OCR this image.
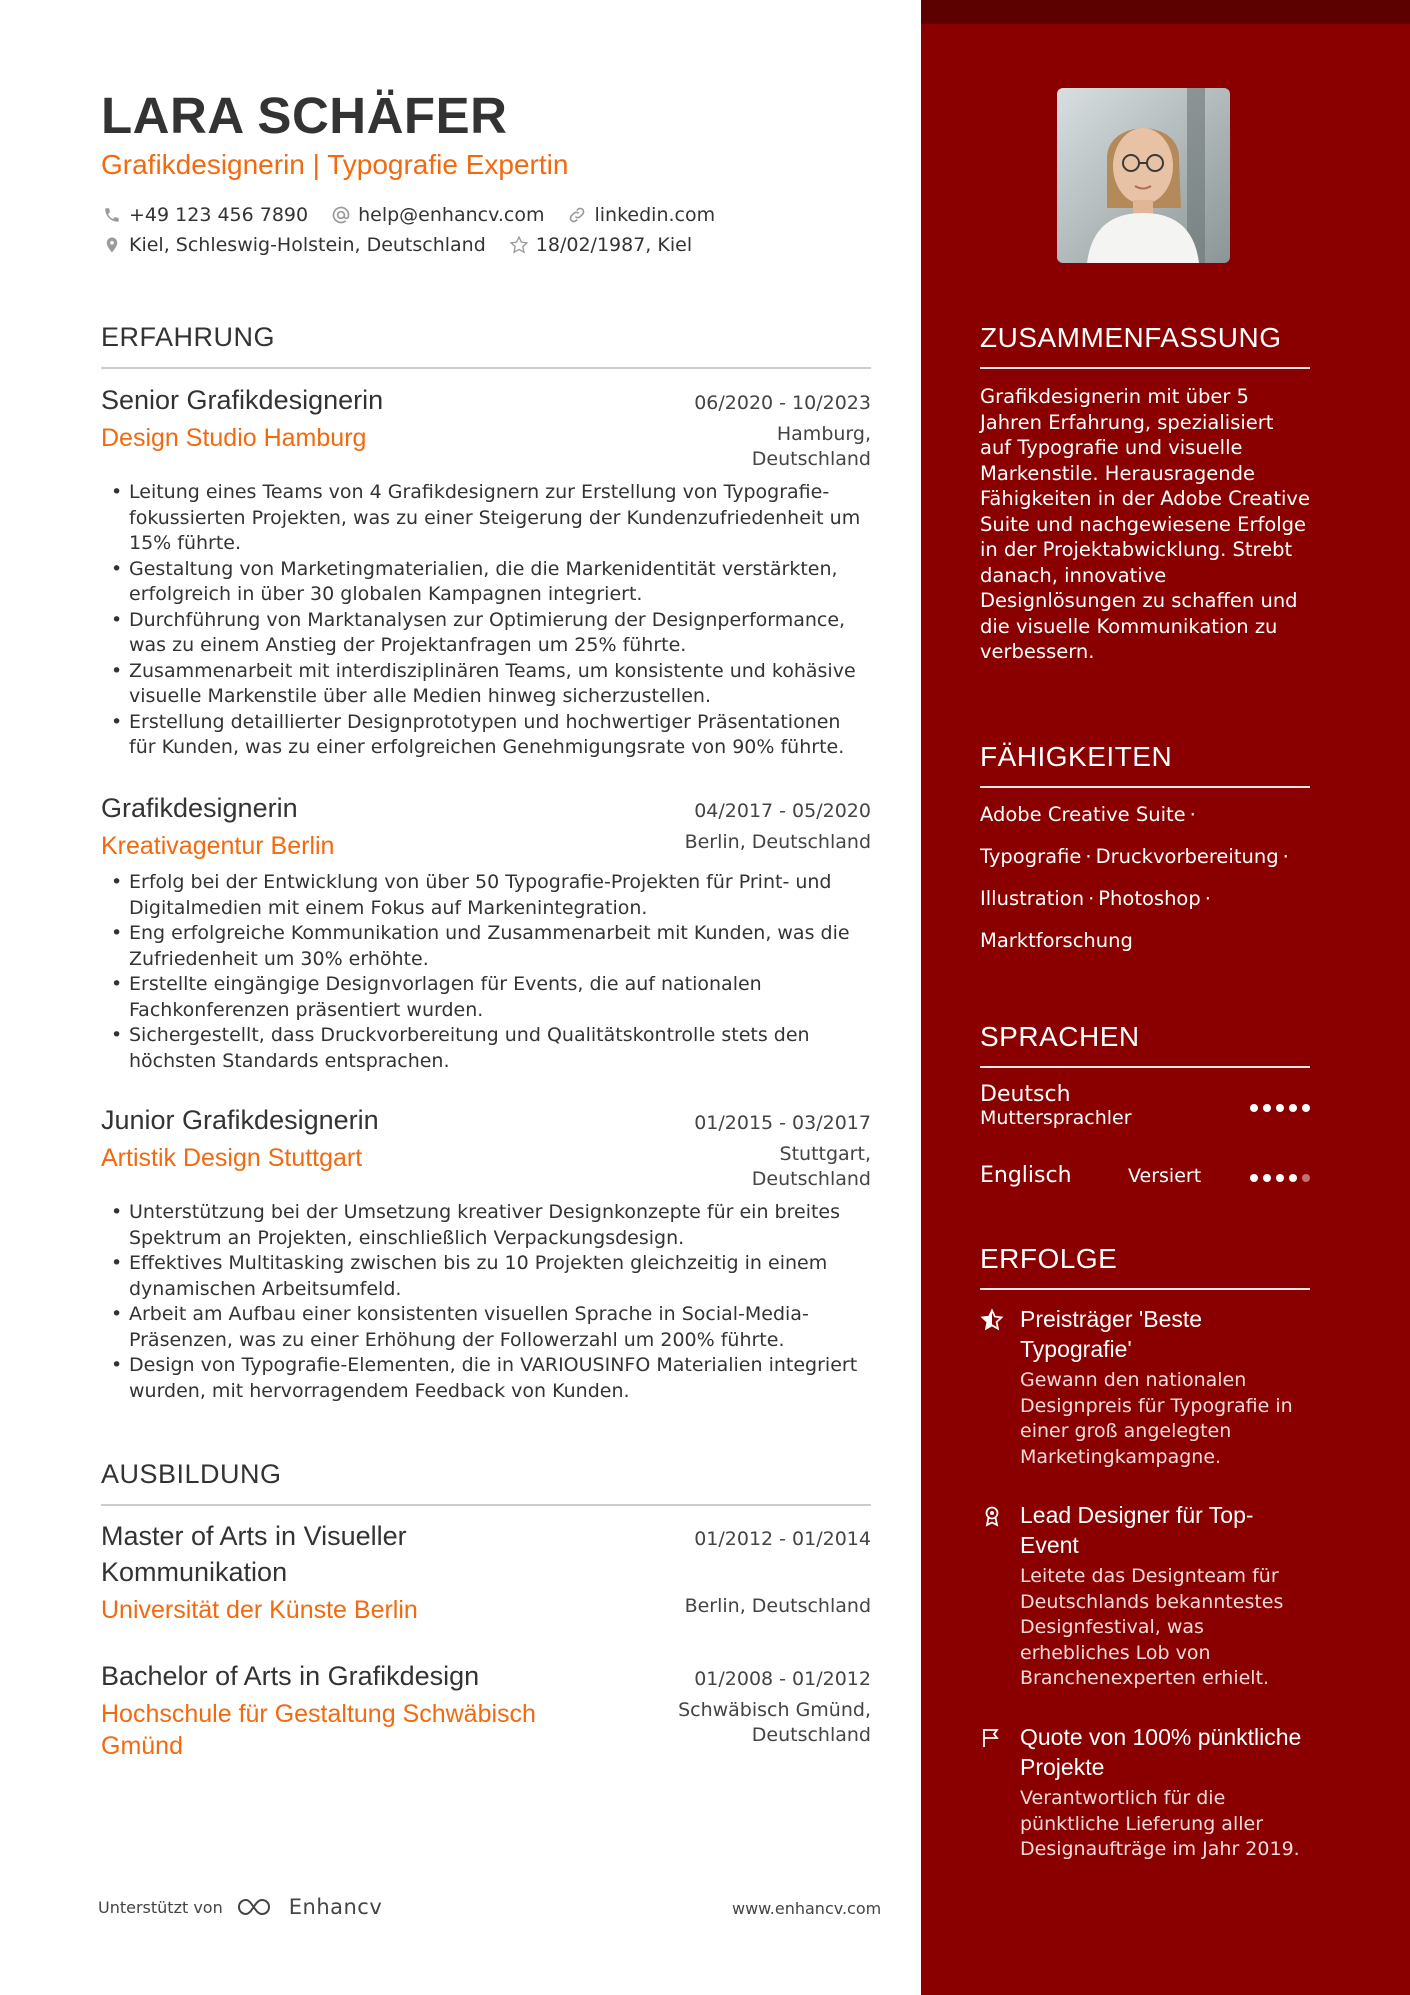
LARA SCHÄFER
Grafikdesignerin | Typografie Expertin
+49 123 456 7890	help@enhancv.com	linkedin.com
Kiel, Schleswig-Holstein, Deutschland	18/02/1987, Kiel
ERFAHRUNG
Senior Grafikdesignerin	06/2020 - 10/2023
Design Studio Hamburg	Hamburg, Deutschland
• Leitung eines Teams von 4 Grafikdesignern zur Erstellung von Typografie-fokussierten Projekten, was zu einer Steigerung der Kundenzufriedenheit um 15% führte.
• Gestaltung von Marketingmaterialien, die die Markenidentität verstärkten, erfolgreich in über 30 globalen Kampagnen integriert.
• Durchführung von Marktanalysen zur Optimierung der Designperformance, was zu einem Anstieg der Projektanfragen um 25% führte.
• Zusammenarbeit mit interdisziplinären Teams, um konsistente und kohäsive visuelle Markenstile über alle Medien hinweg sicherzustellen.
• Erstellung detaillierter Designprototypen und hochwertiger Präsentationen für Kunden, was zu einer erfolgreichen Genehmigungsrate von 90% führte.
Grafikdesignerin	04/2017 - 05/2020
Kreativagentur Berlin	Berlin, Deutschland
• Erfolg bei der Entwicklung von über 50 Typografie-Projekten für Print- und Digitalmedien mit einem Fokus auf Markenintegration.
• Eng erfolgreiche Kommunikation und Zusammenarbeit mit Kunden, was die Zufriedenheit um 30% erhöhte.
• Erstellte eingängige Designvorlagen für Events, die auf nationalen Fachkonferenzen präsentiert wurden.
• Sichergestellt, dass Druckvorbereitung und Qualitätskontrolle stets den höchsten Standards entsprachen.
Junior Grafikdesignerin	01/2015 - 03/2017
Artistik Design Stuttgart	Stuttgart, Deutschland
• Unterstützung bei der Umsetzung kreativer Designkonzepte für ein breites Spektrum an Projekten, einschließlich Verpackungsdesign.
• Effektives Multitasking zwischen bis zu 10 Projekten gleichzeitig in einem dynamischen Arbeitsumfeld.
• Arbeit am Aufbau einer konsistenten visuellen Sprache in Social-Media-Präsenzen, was zu einer Erhöhung der Followerzahl um 200% führte.
• Design von Typografie-Elementen, die in VARIOUSINFO Materialien integriert wurden, mit hervorragendem Feedback von Kunden.
AUSBILDUNG
Master of Arts in Visueller Kommunikation
01/2012 - 01/2014
Universität der Künste Berlin	Berlin, Deutschland
Bachelor of Arts in Grafikdesign	01/2008 - 01/2012
Hochschule für Gestaltung Schwäbisch Gmünd
Schwäbisch Gmünd, Deutschland
Unterstützt von	Enhancv	www.enhancv.com
ZUSAMMENFASSUNG
Grafikdesignerin mit über 5 Jahren Erfahrung, spezialisiert auf Typografie und visuelle Markenstile. Herausragende Fähigkeiten in der Adobe Creative Suite und nachgewiesene Erfolge in der Projektabwicklung. Strebt danach, innovative Designlösungen zu schaffen und die visuelle Kommunikation zu verbessern.
FÄHIGKEITEN
Adobe Creative Suite ·
Typografie · Druckvorbereitung ·
Illustration · Photoshop ·
Marktforschung
SPRACHEN
Deutsch
Muttersprachler
Englisch	Versiert
ERFOLGE
Preisträger 'Beste Typografie'
Gewann den nationalen Designpreis für Typografie in einer groß angelegten Marketingkampagne.
Lead Designer für Top-Event
Leitete das Designteam für Deutschlands bekanntestes Designfestival, was erhebliches Lob von Branchenexperten erhielt.
Quote von 100% pünktliche Projekte
Verantwortlich für die pünktliche Lieferung aller Designaufträge im Jahr 2019.
